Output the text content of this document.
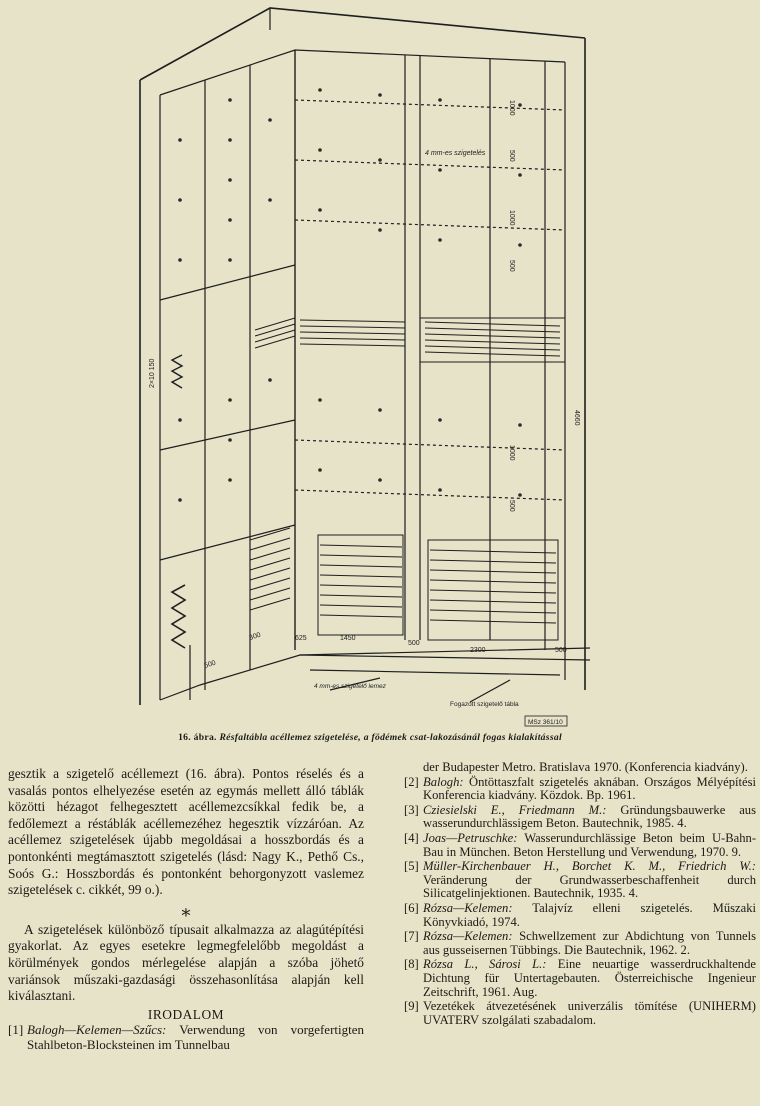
4 mm-es szigetelés
1000
500
1000
500
1000
500
4660
2×10 150
300
500
625	1450
500
2300	500
4 mm-es szigetelő lemez
Fogazott szigetelő tábla
MSz 361/10
16. ábra. Résfaltábla acéllemez szigetelése, a födémek csat-lakozásánál fogas kialakítással

gesztik a szigetelő acéllemezt (16. ábra). Pontos réselés és a vasalás pontos elhelyezése esetén az egymás mellett álló táblák közötti hézagot felhegesztett acéllemezcsíkkal fedik be, a fedőlemezt a réstáblák acéllemezéhez hegesztik vízzáróan. Az acéllemez szigetelések újabb megoldásai a hosszbordás és a pontonkénti megtámasztott szigetelés (lásd: Nagy K., Pethő Cs., Soós G.: Hosszbordás és pontonként behorgonyzott vaslemez szigetelések c. cikkét, 99 o.).

∗

A szigetelések különböző típusait alkalmazza az alagútépítési gyakorlat. Az egyes esetekre legmegfelelőbb megoldást a körülmények gondos mérlegelése alapján a szóba jöhető variánsok műszaki-gazdasági összehasonlítása alapján kell kiválasztani.

IRODALOM
[1] Balogh—Kelemen—Szűcs: Verwendung von vorgefertigten Stahlbeton-Blocksteinen im Tunnelbau
der Budapester Metro. Bratislava 1970. (Konferencia kiadvány).
[2] Balogh: Öntöttaszfalt szigetelés aknában. Országos Mélyépítési Konferencia kiadvány. Közdok. Bp. 1961.
[3] Cziesielski E., Friedmann M.: Gründungsbauwerke aus wasserundurchlässigem Beton. Bautechnik, 1985. 4.
[4] Joas—Petruschke: Wasserundurchlässige Beton beim U-Bahn-Bau in München. Beton Herstellung und Verwendung, 1970. 9.
[5] Müller-Kirchenbauer H., Borchet K. M., Friedrich W.: Veränderung der Grundwasserbeschaffenheit durch Silicatgelinjektionen. Bautechnik, 1935. 4.
[6] Rózsa—Kelemen: Talajvíz elleni szigetelés. Műszaki Könyvkiadó, 1974.
[7] Rózsa—Kelemen: Schwellzement zur Abdichtung von Tunnels aus gusseisernen Tübbings. Die Bautechnik, 1962. 2.
[8] Rózsa L., Sárosi L.: Eine neuartige wasserdruckhaltende Dichtung für Untertagebauten. Österreichische Ingenieur Zeitschrift, 1961. Aug.
[9] Vezetékek átvezetésének univerzális tömítése (UNIHERM) UVATERV szolgálati szabadalom.
